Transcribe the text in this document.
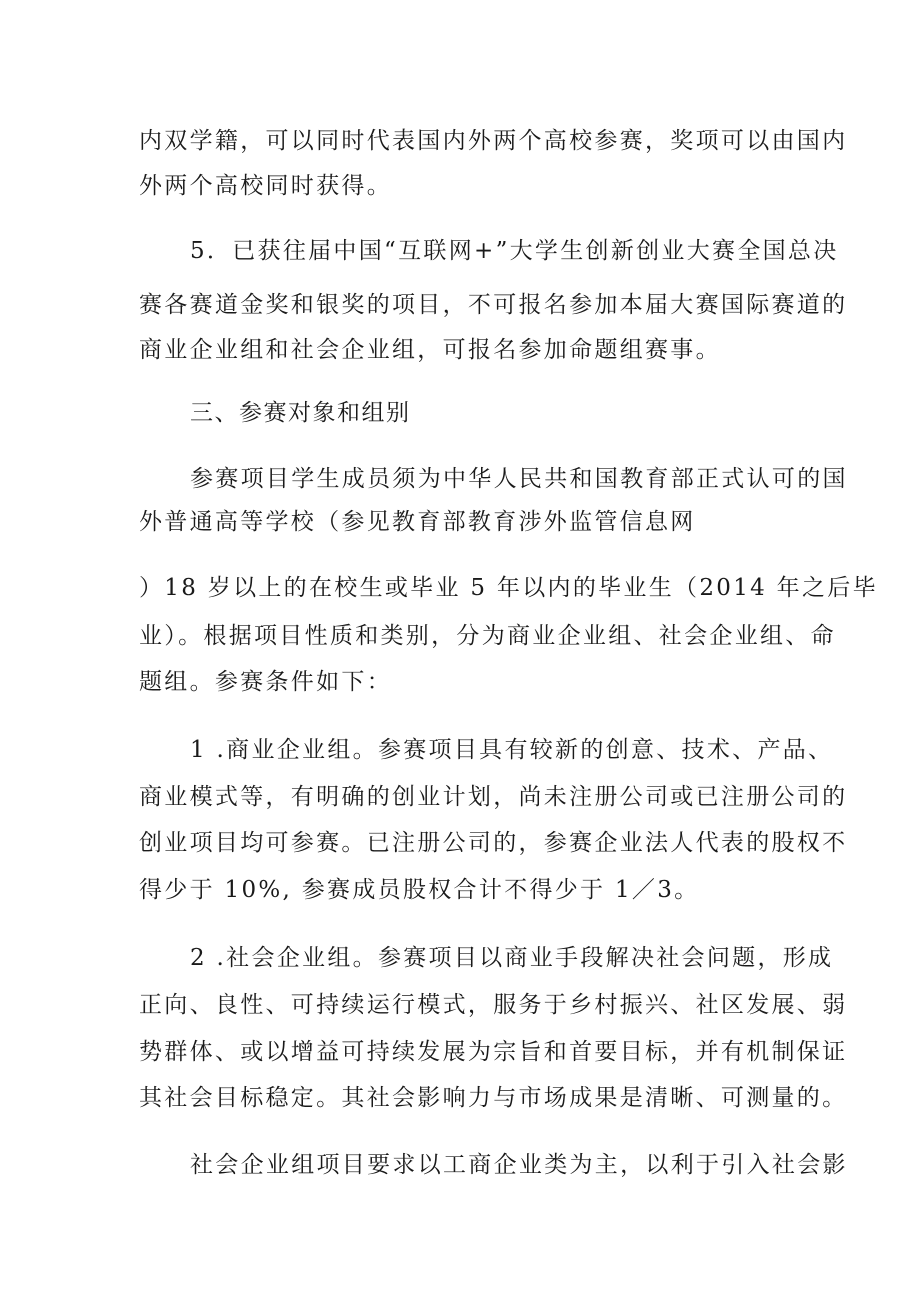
内双学籍，可以同时代表国内外两个高校参赛，奖项可以由国内
外两个高校同时获得。
5．已获往届中国“互联网+”大学生创新创业大赛全国总决
赛各赛道金奖和银奖的项目，不可报名参加本届大赛国际赛道的
商业企业组和社会企业组，可报名参加命题组赛事。
三、参赛对象和组别
参赛项目学生成员须为中华人民共和国教育部正式认可的国
外普通高等学校（参见教育部教育涉外监管信息网
）18 岁以上的在校生或毕业 5 年以内的毕业生（2014 年之后毕
业）。根据项目性质和类别，分为商业企业组、社会企业组、命
题组。参赛条件如下：
1 .商业企业组。参赛项目具有较新的创意、技术、产品、
商业模式等，有明确的创业计划，尚未注册公司或已注册公司的
创业项目均可参赛。已注册公司的，参赛企业法人代表的股权不
得少于 10%, 参赛成员股权合计不得少于 1／3。
2 .社会企业组。参赛项目以商业手段解决社会问题，形成
正向、良性、可持续运行模式，服务于乡村振兴、社区发展、弱
势群体、或以增益可持续发展为宗旨和首要目标，并有机制保证
其社会目标稳定。其社会影响力与市场成果是清晰、可测量的。
社会企业组项目要求以工商企业类为主，以利于引入社会影
